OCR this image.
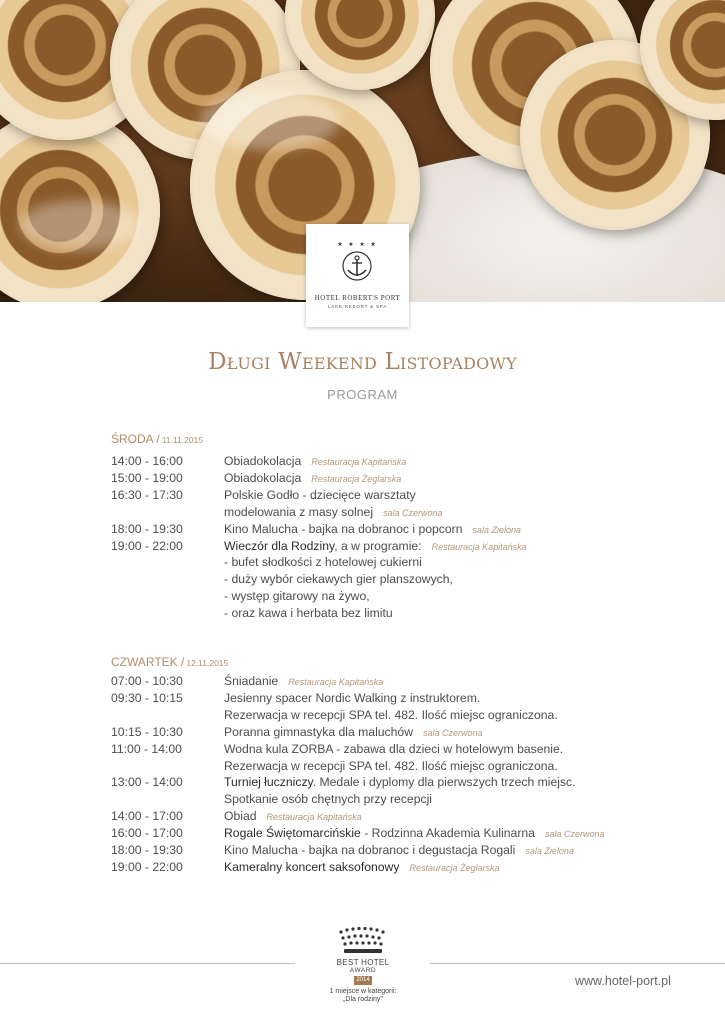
★ ★ ★ ★
HOTEL ROBERT'S PORT
LAKE RESORT & SPA
Długi Weekend Listopadowy
PROGRAM
ŚRODA / 11.11.2015
14:00 - 16:00	Obiadokolacja Restauracja Kapitańska
15:00 - 19:00	Obiadokolacja Restauracja Żeglarska
16:30 - 17:30	Polskie Godło - dziecięce warsztaty
modelowania z masy solnej sala Czerwona
18:00 - 19:30	Kino Malucha - bajka na dobranoc i popcorn sala Zielona
19:00 - 22:00	Wieczór dla Rodziny, a w programie: Restauracja Kapitańska
- bufet słodkości z hotelowej cukierni
- duży wybór ciekawych gier planszowych,
- występ gitarowy na żywo,
- oraz kawa i herbata bez limitu
CZWARTEK / 12.11.2015
07:00 - 10:30	Śniadanie Restauracja Kapitańska
09:30 - 10:15	Jesienny spacer Nordic Walking z instruktorem.
Rezerwacja w recepcji SPA tel. 482. Ilość miejsc ograniczona.
10:15 - 10:30	Poranna gimnastyka dla maluchów sala Czerwona
11:00 - 14:00	Wodna kula ZORBA - zabawa dla dzieci w hotelowym basenie.
Rezerwacja w recepcji SPA tel. 482. Ilość miejsc ograniczona.
13:00 - 14:00	Turniej łuczniczy. Medale i dyplomy dla pierwszych trzech miejsc.
Spotkanie osób chętnych przy recepcji
14:00 - 17:00	Obiad Restauracja Kapitańska
16:00 - 17:00	Rogale Świętomarcińskie - Rodzinna Akademia Kulinarna sala Czerwona
18:00 - 19:30	Kino Malucha - bajka na dobranoc i degustacja Rogali sala Zielona
19:00 - 22:00	Kameralny koncert saksofonowy Restauracja Żeglarska
BEST HOTEL
AWARD
2014
1 miejsce w kategorii:
„Dla rodziny"
www.hotel-port.pl
